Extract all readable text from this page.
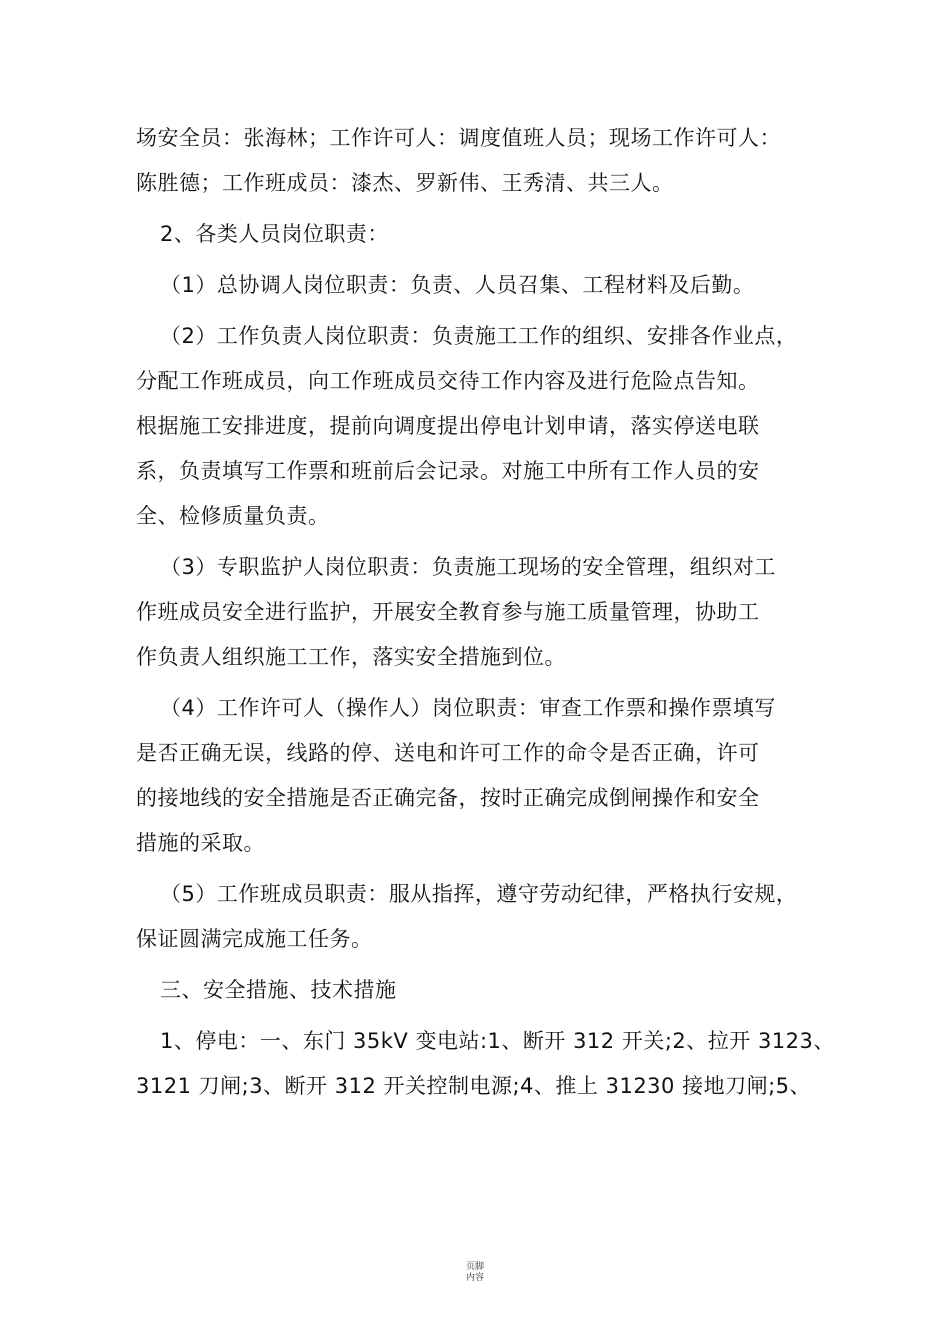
场安全员：张海林；工作许可人：调度值班人员；现场工作许可人：
陈胜德；工作班成员：漆杰、罗新伟、王秀清、共三人。

2、各类人员岗位职责：

（1）总协调人岗位职责：负责、人员召集、工程材料及后勤。

（2）工作负责人岗位职责：负责施工工作的组织、安排各作业点，
分配工作班成员，向工作班成员交待工作内容及进行危险点告知。
根据施工安排进度，提前向调度提出停电计划申请，落实停送电联
系，负责填写工作票和班前后会记录。对施工中所有工作人员的安
全、检修质量负责。

（3）专职监护人岗位职责：负责施工现场的安全管理，组织对工
作班成员安全进行监护，开展安全教育参与施工质量管理，协助工
作负责人组织施工工作，落实安全措施到位。

（4）工作许可人（操作人）岗位职责：审查工作票和操作票填写
是否正确无误，线路的停、送电和许可工作的命令是否正确，许可
的接地线的安全措施是否正确完备，按时正确完成倒闸操作和安全
措施的采取。

（5）工作班成员职责：服从指挥，遵守劳动纪律，严格执行安规，
保证圆满完成施工任务。

三、安全措施、技术措施

1、停电：一、东门 35kV 变电站:1、断开 312 开关;2、拉开 3123、
3121 刀闸;3、断开 312 开关控制电源;4、推上 31230 接地刀闸;5、

页脚
内容
